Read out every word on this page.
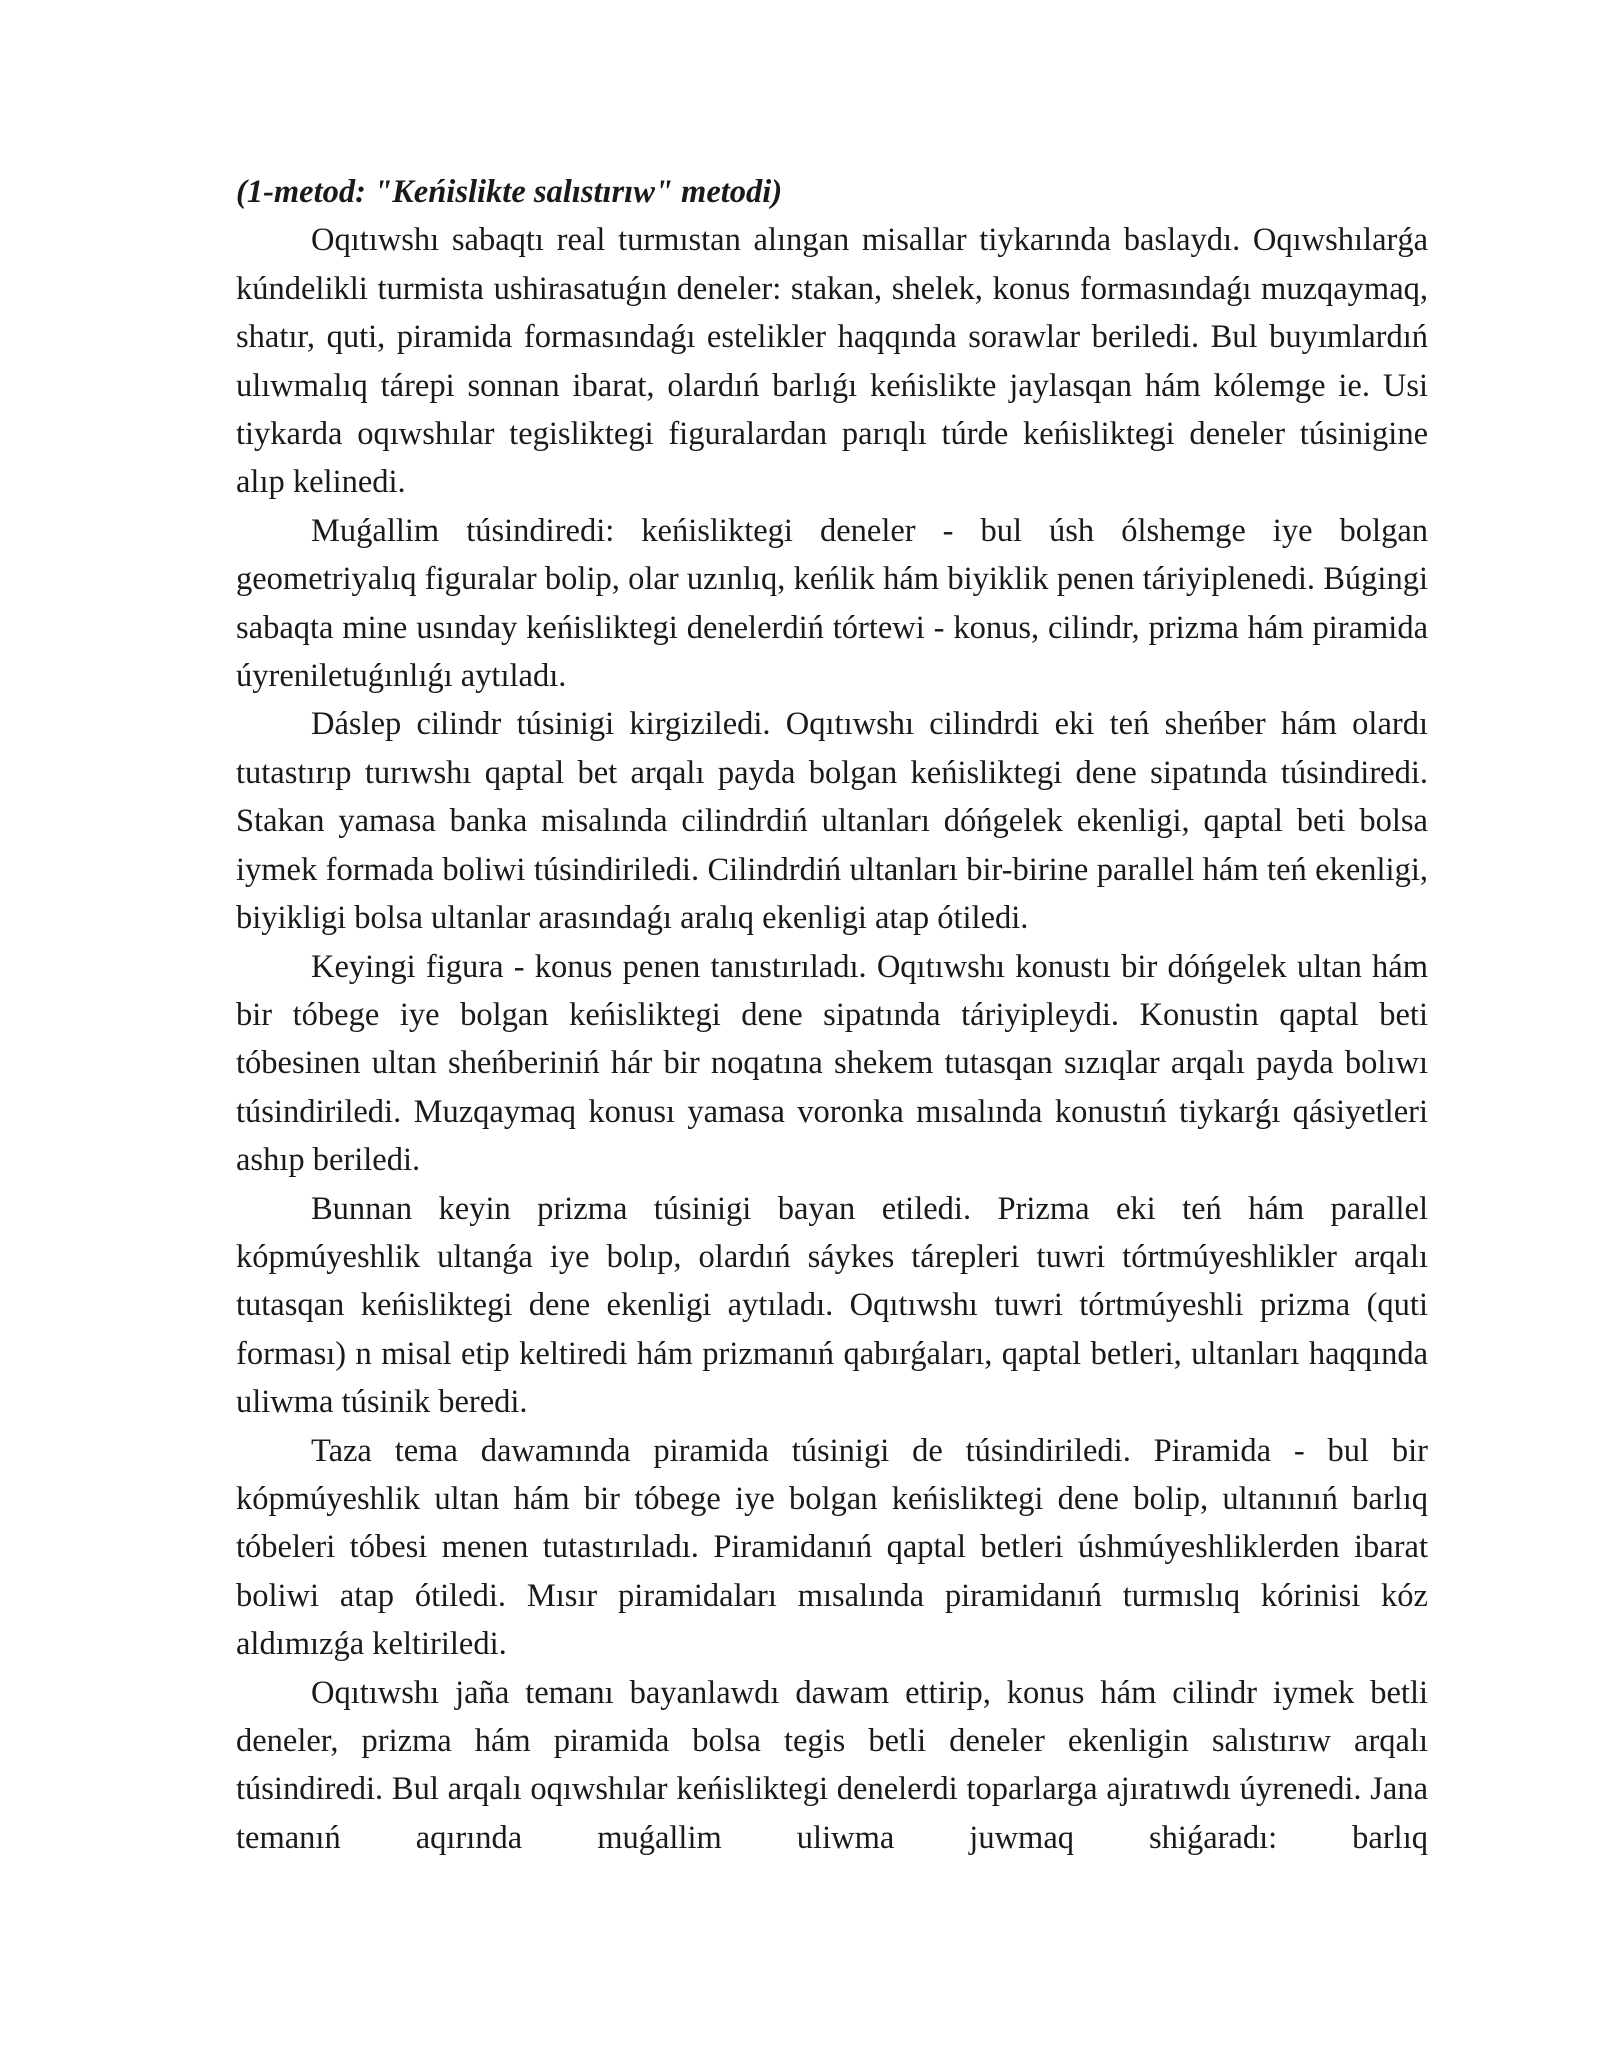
(1-metod: "Keńislikte salıstırıw" metodi)

Oqıtıwshı sabaqtı real turmıstan alıngan misallar tiykarında baslaydı. Oqıwshılarǵa kúndelikli turmista ushirasatuǵın deneler: stakan, shelek, konus formasındaǵı muzqaymaq, shatır, quti, piramida formasındaǵı estelikler haqqında sorawlar beriledi. Bul buyımlardıń ulıwmalıq tárepi sonnan ibarat, olardıń barlıǵı keńislikte jaylasqan hám kólemge ie. Usi tiykarda oqıwshılar tegisliktegi figuralardan parıqlı túrde keńisliktegi deneler túsinigine alıp kelinedi.

Muǵallim túsindiredi: keńisliktegi deneler - bul úsh ólshemge iye bolgan geometriyalıq figuralar bolip, olar uzınlıq, keńlik hám biyiklik penen táriyiplenedi. Búgingi sabaqta mine usınday keńisliktegi denelerdiń tórtewi - konus, cilindr, prizma hám piramida úyreniletuǵınlıǵı aytıladı.

Dáslep cilindr túsinigi kirgiziledi. Oqıtıwshı cilindrdi eki teń sheńber hám olardı tutastırıp turıwshı qaptal bet arqalı payda bolgan keńisliktegi dene sipatında túsindiredi. Stakan yamasa banka misalında cilindrdiń ultanları dóńgelek ekenligi, qaptal beti bolsa iymek formada boliwi túsindiriledi. Cilindrdiń ultanları bir-birine parallel hám teń ekenligi, biyikligi bolsa ultanlar arasındaǵı aralıq ekenligi atap ótiledi.

Keyingi figura - konus penen tanıstırıladı. Oqıtıwshı konustı bir dóńgelek ultan hám bir tóbege iye bolgan keńisliktegi dene sipatında táriyipleydi. Konustin qaptal beti tóbesinen ultan sheńberiniń hár bir noqatına shekem tutasqan sızıqlar arqalı payda bolıwı túsindiriledi. Muzqaymaq konusı yamasa voronka mısalında konustıń tiykarǵı qásiyetleri ashıp beriledi.

Bunnan keyin prizma túsinigi bayan etiledi. Prizma eki teń hám parallel kópmúyeshlik ultanǵa iye bolıp, olardıń sáykes tárepleri tuwri tórtmúyeshlikler arqalı tutasqan keńisliktegi dene ekenligi aytıladı. Oqıtıwshı tuwri tórtmúyeshli prizma (quti forması) n misal etip keltiredi hám prizmanıń qabırǵaları, qaptal betleri, ultanları haqqında uliwma túsinik beredi.

Taza tema dawamında piramida túsinigi de túsindiriledi. Piramida - bul bir kópmúyeshlik ultan hám bir tóbege iye bolgan keńisliktegi dene bolip, ultanınıń barlıq tóbeleri tóbesi menen tutastırıladı. Piramidanıń qaptal betleri úshmúyeshliklerden ibarat boliwi atap ótiledi. Mısır piramidaları mısalında piramidanıń turmıslıq kórinisi kóz aldımızǵa keltiriledi.

Oqıtıwshı jaña temanı bayanlawdı dawam ettirip, konus hám cilindr iymek betli deneler, prizma hám piramida bolsa tegis betli deneler ekenligin salıstırıw arqalı túsindiredi. Bul arqalı oqıwshılar keńisliktegi denelerdi toparlarga ajıratıwdı úyrenedi. Jana temanıń aqırında muǵallim uliwma juwmaq shiǵaradı: barlıq
